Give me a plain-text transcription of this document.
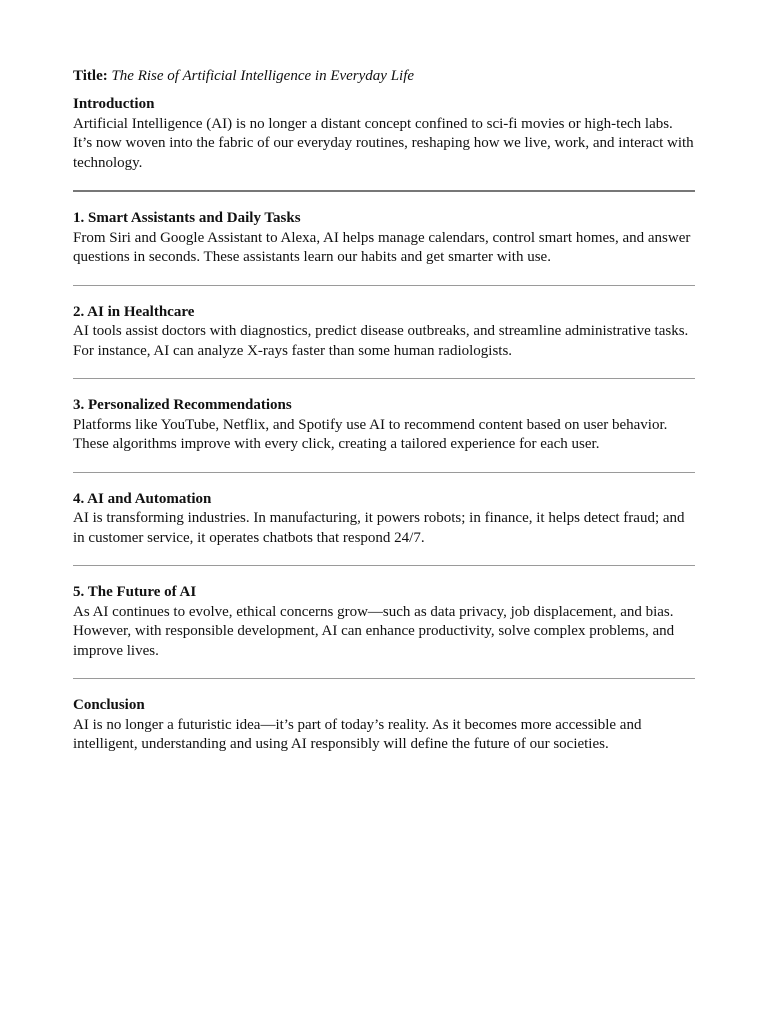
Title: The Rise of Artificial Intelligence in Everyday Life

Introduction

Artificial Intelligence (AI) is no longer a distant concept confined to sci-fi movies or high-tech labs. It’s now woven into the fabric of our everyday routines, reshaping how we live, work, and interact with technology.

1. Smart Assistants and Daily Tasks

From Siri and Google Assistant to Alexa, AI helps manage calendars, control smart homes, and answer questions in seconds. These assistants learn our habits and get smarter with use.

2. AI in Healthcare

AI tools assist doctors with diagnostics, predict disease outbreaks, and streamline administrative tasks. For instance, AI can analyze X-rays faster than some human radiologists.

3. Personalized Recommendations

Platforms like YouTube, Netflix, and Spotify use AI to recommend content based on user behavior. These algorithms improve with every click, creating a tailored experience for each user.

4. AI and Automation

AI is transforming industries. In manufacturing, it powers robots; in finance, it helps detect fraud; and in customer service, it operates chatbots that respond 24/7.

5. The Future of AI

As AI continues to evolve, ethical concerns grow—such as data privacy, job displacement, and bias. However, with responsible development, AI can enhance productivity, solve complex problems, and improve lives.

Conclusion

AI is no longer a futuristic idea—it’s part of today’s reality. As it becomes more accessible and intelligent, understanding and using AI responsibly will define the future of our societies.
